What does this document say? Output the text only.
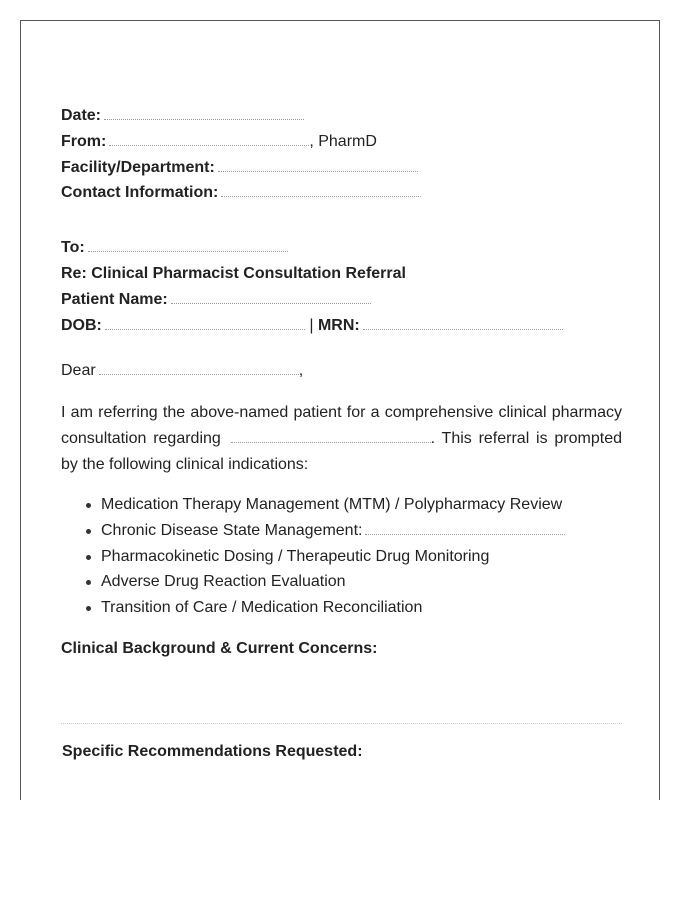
Date:
From:	, PharmD
Facility/Department:
Contact Information:
To:
Re: Clinical Pharmacist Consultation Referral
Patient Name:
DOB:	| MRN:
Dear	,

I am referring the above-named patient for a comprehensive clinical pharmacy consultation regarding	. This referral is prompted by the following clinical indications:

Medication Therapy Management (MTM) / Polypharmacy Review
Chronic Disease State Management:
Pharmacokinetic Dosing / Therapeutic Drug Monitoring
Adverse Drug Reaction Evaluation
Transition of Care / Medication Reconciliation
Clinical Background & Current Concerns:
Specific Recommendations Requested:
